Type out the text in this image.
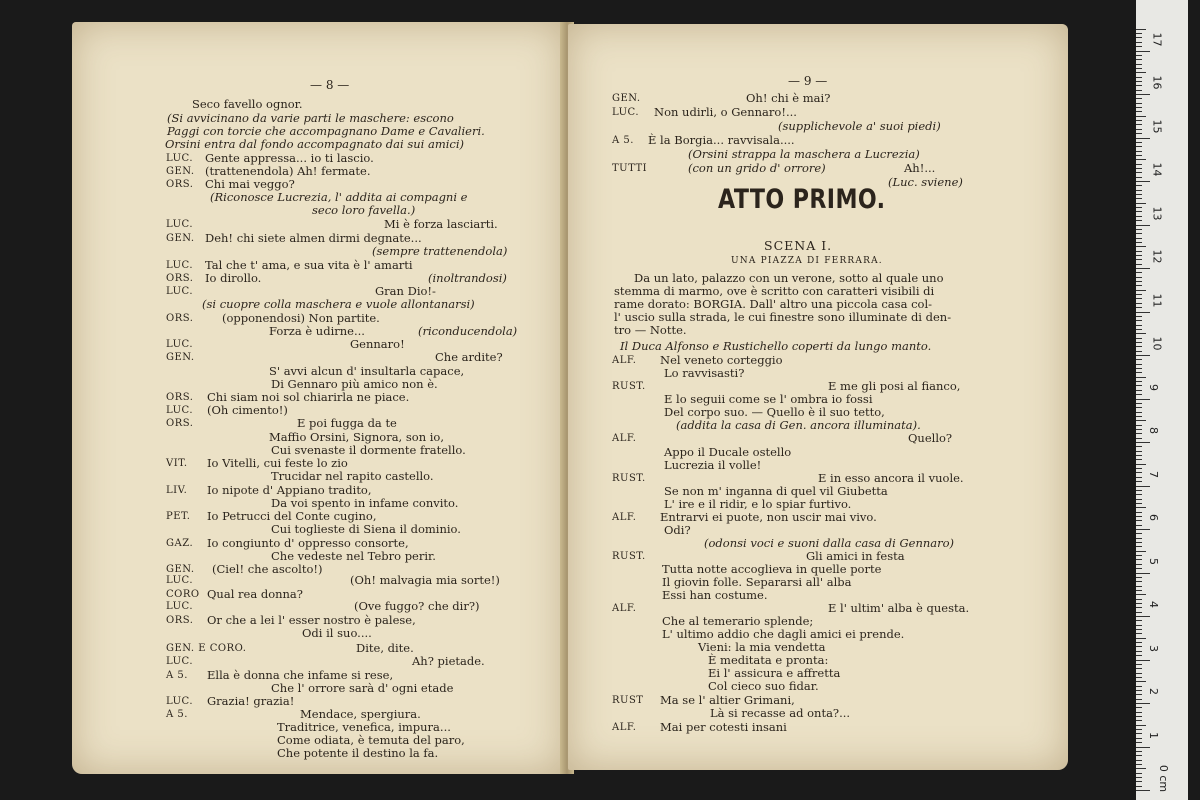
— 8 —
Seco favello ognor.
(Si avvicinano da varie parti le maschere: escono
Paggi con torcie che accompagnano Dame e Cavalieri.
Orsini entra dal fondo accompagnato dai sui amici)
LUC. Gente appressa... io ti lascio.
GEN. (trattenendola) Ah! fermate.
ORS. Chi mai veggo?
(Riconosce Lucrezia, l' addita ai compagni e
seco loro favella.)
LUC.	Mi è forza lasciarti.
GEN. Deh! chi siete almen dirmi degnate...
(sempre trattenendola)
LUC. Tal che t' ama, e sua vita è l' amarti
ORS. Io dirollo.	(inoltrandosi)
LUC.	Gran Dio!-
(si cuopre colla maschera e vuole allontanarsi)
ORS. (opponendosi) Non partite.
Forza è udirne...	(riconducendola)
LUC.	Gennaro!
GEN.	Che ardite?
S' avvi alcun d' insultarla capace,
Di Gennaro più amico non è.
ORS. Chi siam noi sol chiarirla ne piace.
LUC. (Oh cimento!)
ORS.	E poi fugga da te
Maffio Orsini, Signora, son io,
Cui svenaste il dormente fratello.
VIT. Io Vitelli, cui feste lo zio
Trucidar nel rapito castello.
LIV. Io nipote d' Appiano tradito,
Da voi spento in infame convito.
PET. Io Petrucci del Conte cugino,
Cui toglieste di Siena il dominio.
GAZ. Io congiunto d' oppresso consorte,
Che vedeste nel Tebro perir.
GEN. (Ciel! che ascolto!)
LUC.	(Oh! malvagia mia sorte!)
CORO Qual rea donna?
LUC.	(Ove fuggo? che dir?)
ORS. Or che a lei l' esser nostro è palese,
Odi il suo....
GEN. E CORO.	Dite, dite.
LUC.	Ah? pietade.
A 5. Ella è donna che infame si rese,
Che l' orrore sarà d' ogni etade
LUC. Grazia! grazia!
A 5.	Mendace, spergiura.
Traditrice, venefica, impura...
Come odiata, è temuta del paro,
Che potente il destino la fa.
— 9 —
ATTO PRIMO.
SCENA I.
UNA PIAZZA DI FERRARA.
GEN.	Oh! chi è mai?
LUC. Non udirli, o Gennaro!...
(supplichevole a' suoi piedi)
A 5. È la Borgia... ravvisala....
(Orsini strappa la maschera a Lucrezia)
TUTTI	(con un grido d' orrore)	Ah!...
(Luc. sviene)
Da un lato, palazzo con un verone, sotto al quale uno
stemma di marmo, ove è scritto con caratteri visibili di
rame dorato: BORGIA. Dall' altro una piccola casa col-
l' uscio sulla strada, le cui finestre sono illuminate di den-
tro — Notte.
Il Duca Alfonso e Rustichello coperti da lungo manto.
ALF. Nel veneto corteggio
Lo ravvisasti?
RUST.	E me gli posi al fianco,
E lo seguii come se l' ombra io fossi
Del corpo suo. — Quello è il suo tetto,
(addita la casa di Gen. ancora illuminata).
ALF.	Quello?
Appo il Ducale ostello
Lucrezia il volle!
RUST.	E in esso ancora il vuole.
Se non m' inganna di quel vil Giubetta
L' ire e il ridir, e lo spiar furtivo.
ALF. Entrarvi ei puote, non uscir mai vivo.
Odi?
(odonsi voci e suoni dalla casa di Gennaro)
RUST.	Gli amici in festa
Tutta notte accoglieva in quelle porte
Il giovin folle. Separarsi all' alba
Essi han costume.
ALF.	E l' ultim' alba è questa.
Che al temerario splende;
L' ultimo addio che dagli amici ei prende.
Vieni: la mia vendetta
È meditata e pronta:
Ei l' assicura e affretta
Col cieco suo fidar.
RUST Ma se l' altier Grimani,
Là si recasse ad onta?...
ALF. Mai per cotesti insani
0 cm
1
2
3
4
5
6
7
8
9
10
11
12
13
14
15
16
17
